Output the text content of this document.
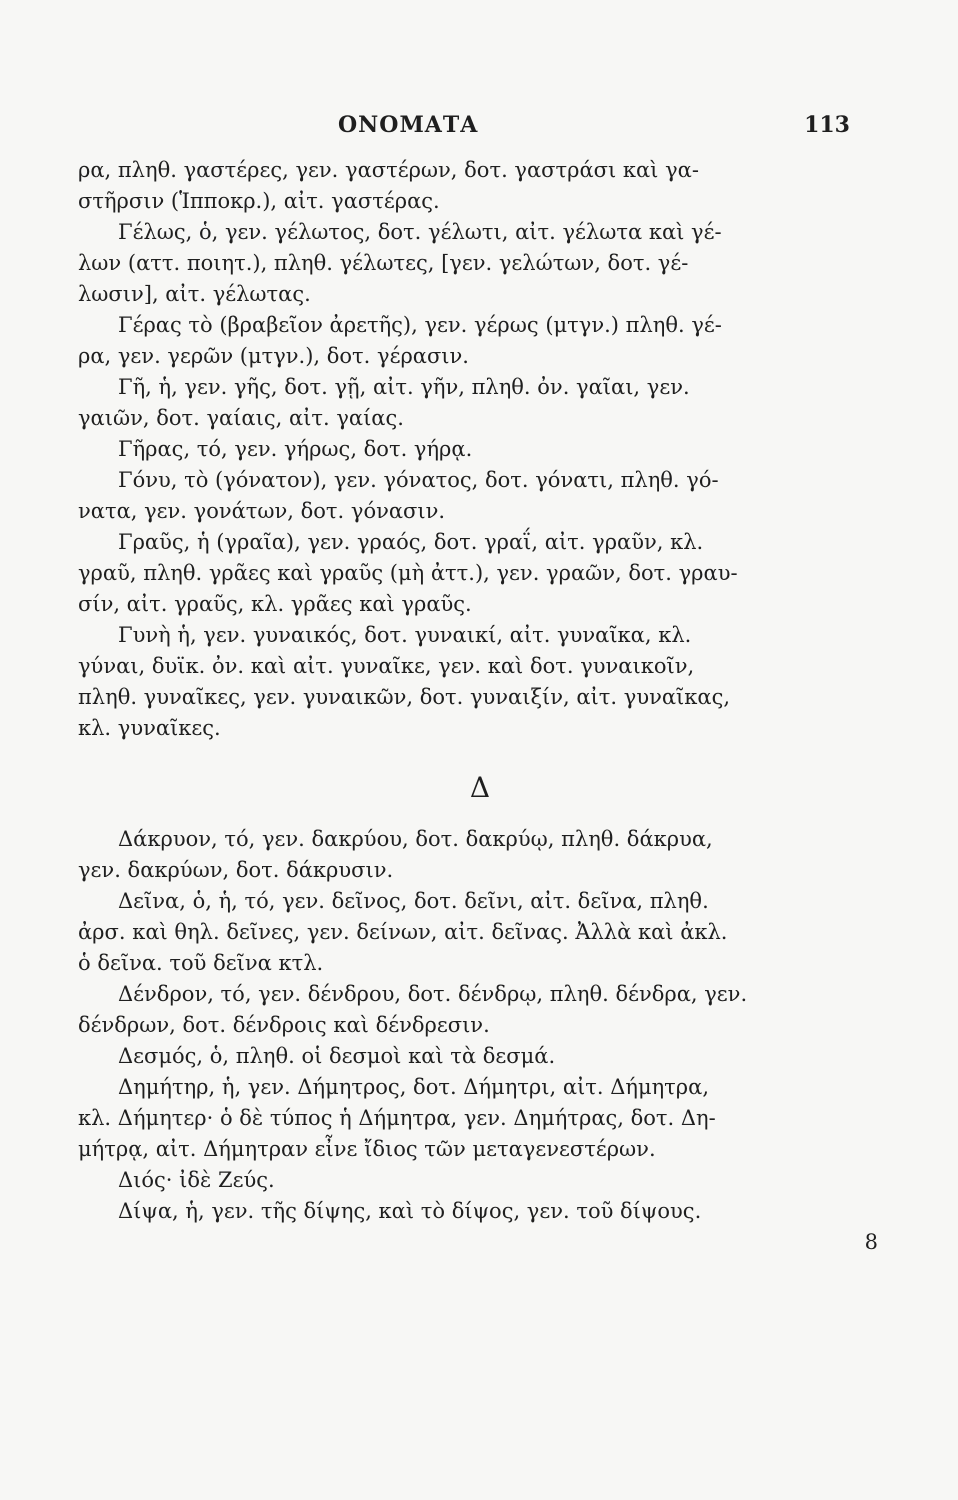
ΟΝΟΜΑΤΑ	113
ρα, πληθ. γαστέρες, γεν. γαστέρων, δοτ. γαστράσι καὶ γα-
στῆρσιν (Ἱπποκρ.), αἰτ. γαστέρας.
Γέλως, ὁ, γεν. γέλωτος, δοτ. γέλωτι, αἰτ. γέλωτα καὶ γέ-
λων (αττ. ποιητ.), πληθ. γέλωτες, [γεν. γελώτων, δοτ. γέ-
λωσιν], αἰτ. γέλωτας.
Γέρας τὸ (βραβεῖον ἀρετῆς), γεν. γέρως (μτγν.) πληθ. γέ-
ρα, γεν. γερῶν (μτγν.), δοτ. γέρασιν.
Γῆ, ἡ, γεν. γῆς, δοτ. γῇ, αἰτ. γῆν, πληθ. ὀν. γαῖαι, γεν.
γαιῶν, δοτ. γαίαις, αἰτ. γαίας.
Γῆρας, τό, γεν. γήρως, δοτ. γήρᾳ.
Γόνυ, τὸ (γόνατον), γεν. γόνατος, δοτ. γόνατι, πληθ. γό-
νατα, γεν. γονάτων, δοτ. γόνασιν.
Γραῦς, ἡ (γραῖα), γεν. γραός, δοτ. γραΐ, αἰτ. γραῦν, κλ.
γραῦ, πληθ. γρᾶες καὶ γραῦς (μὴ ἀττ.), γεν. γραῶν, δοτ. γραυ-
σίν, αἰτ. γραῦς, κλ. γρᾶες καὶ γραῦς.
Γυνὴ ἡ, γεν. γυναικός, δοτ. γυναικί, αἰτ. γυναῖκα, κλ.
γύναι, δυϊκ. ὀν. καὶ αἰτ. γυναῖκε, γεν. καὶ δοτ. γυναικοῖν,
πληθ. γυναῖκες, γεν. γυναικῶν, δοτ. γυναιξίν, αἰτ. γυναῖκας,
κλ. γυναῖκες.
Δ
Δάκρυον, τό, γεν. δακρύου, δοτ. δακρύῳ, πληθ. δάκρυα,
γεν. δακρύων, δοτ. δάκρυσιν.
Δεῖνα, ὁ, ἡ, τό, γεν. δεῖνος, δοτ. δεῖνι, αἰτ. δεῖνα, πληθ.
ἀρσ. καὶ θηλ. δεῖνες, γεν. δείνων, αἰτ. δεῖνας. Ἀλλὰ καὶ ἀκλ.
ὁ δεῖνα. τοῦ δεῖνα κτλ.
Δένδρον, τό, γεν. δένδρου, δοτ. δένδρῳ, πληθ. δένδρα, γεν.
δένδρων, δοτ. δένδροις καὶ δένδρεσιν.
Δεσμός, ὁ, πληθ. οἱ δεσμοὶ καὶ τὰ δεσμά.
Δημήτηρ, ἡ, γεν. Δήμητρος, δοτ. Δήμητρι, αἰτ. Δήμητρα,
κλ. Δήμητερ· ὁ δὲ τύπος ἡ Δήμητρα, γεν. Δημήτρας, δοτ. Δη-
μήτρᾳ, αἰτ. Δήμητραν εἶνε ἴδιος τῶν μεταγενεστέρων.
Διός· ἰδὲ Ζεύς.
Δίψα, ἡ, γεν. τῆς δίψης, καὶ τὸ δίψος, γεν. τοῦ δίψους.
8
